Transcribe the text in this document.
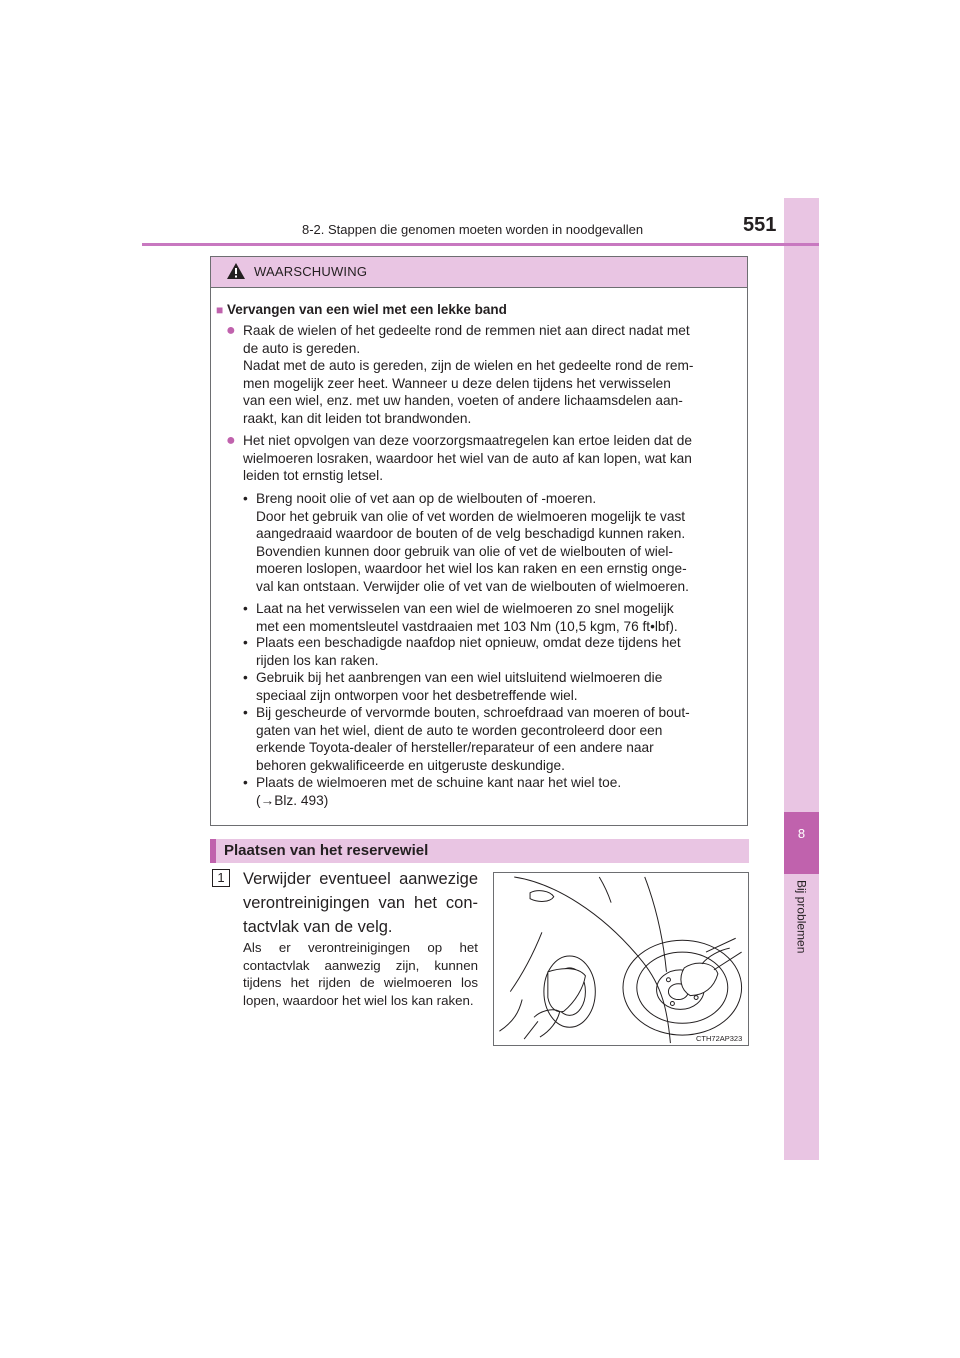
8
Bij problemen
8-2. Stappen die genomen moeten worden in noodgevallen	551
WAARSCHUWING
■ Vervangen van een wiel met een lekke band
● Raak de wielen of het gedeelte rond de remmen niet aan direct nadat met
de auto is gereden.
Nadat met de auto is gereden, zijn de wielen en het gedeelte rond de rem-
men mogelijk zeer heet. Wanneer u deze delen tijdens het verwisselen
van een wiel, enz. met uw handen, voeten of andere lichaamsdelen aan-
raakt, kan dit leiden tot brandwonden.
● Het niet opvolgen van deze voorzorgsmaatregelen kan ertoe leiden dat de
wielmoeren losraken, waardoor het wiel van de auto af kan lopen, wat kan
leiden tot ernstig letsel.
• Breng nooit olie of vet aan op de wielbouten of -moeren.
Door het gebruik van olie of vet worden de wielmoeren mogelijk te vast
aangedraaid waardoor de bouten of de velg beschadigd kunnen raken.
Bovendien kunnen door gebruik van olie of vet de wielbouten of wiel-
moeren loslopen, waardoor het wiel los kan raken en een ernstig onge-
val kan ontstaan. Verwijder olie of vet van de wielbouten of wielmoeren.
• Laat na het verwisselen van een wiel de wielmoeren zo snel mogelijk
met een momentsleutel vastdraaien met 103 Nm (10,5 kgm, 76 ft•lbf).
• Plaats een beschadigde naafdop niet opnieuw, omdat deze tijdens het
rijden los kan raken.
• Gebruik bij het aanbrengen van een wiel uitsluitend wielmoeren die
speciaal zijn ontworpen voor het desbetreffende wiel.
• Bij gescheurde of vervormde bouten, schroefdraad van moeren of bout-
gaten van het wiel, dient de auto te worden gecontroleerd door een
erkende Toyota-dealer of hersteller/reparateur of een andere naar
behoren gekwalificeerde en uitgeruste deskundige.
• Plaats de wielmoeren met de schuine kant naar het wiel toe.
(→Blz. 493)
Plaatsen van het reservewiel
1	Verwijder eventueel aanwezige verontreinigingen van het con-tactvlak van de velg.
Als er verontreinigingen op het contactvlak aanwezig zijn, kunnen tijdens het rijden de wielmoeren los lopen, waardoor het wiel los kan raken.
CTH72AP323
